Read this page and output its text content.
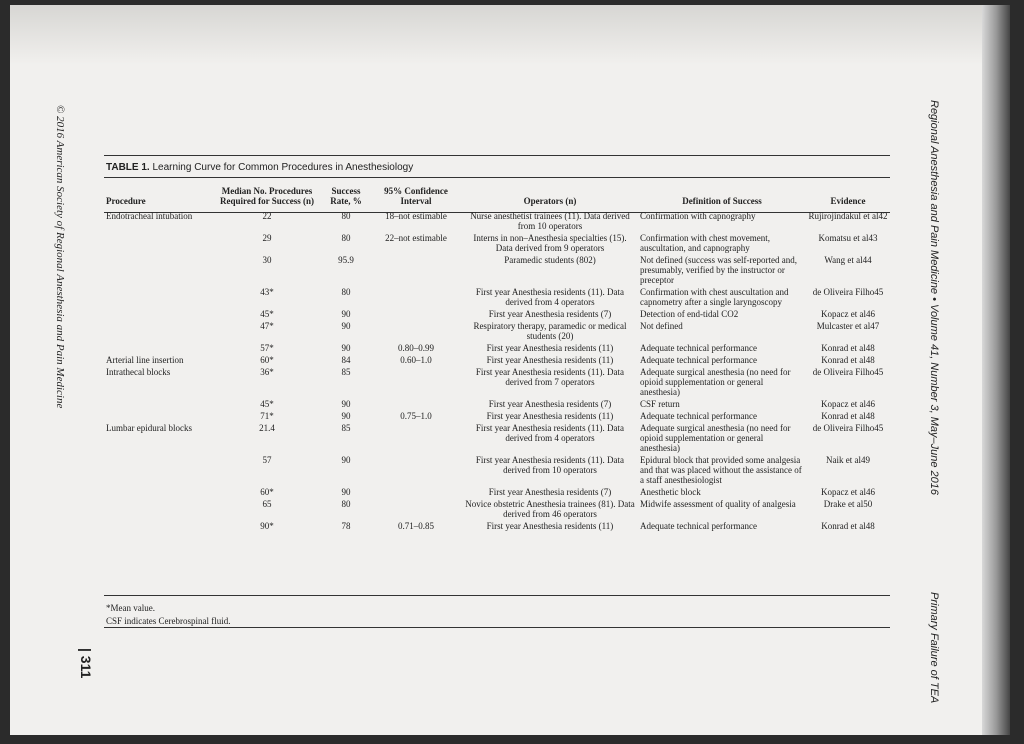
© 2016 American Society of Regional Anesthesia and Pain Medicine
| 311
Regional Anesthesia and Pain Medicine • Volume 41, Number 3, May–June 2016
Primary Failure of TEA
TABLE 1. Learning Curve for Common Procedures in Anesthesiology
Procedure	Median No. Procedures Required for Success (n)	Success Rate, %	95% Confidence Interval	Operators (n)	Definition of Success	Evidence
Endotracheal intubation	22	80	18–not estimable	Nurse anesthetist trainees (11). Data derived from 10 operators	Confirmation with capnography	Rujirojindakul et al42
	29	80	22–not estimable	Interns in non–Anesthesia specialties (15). Data derived from 9 operators	Confirmation with chest movement, auscultation, and capnography	Komatsu et al43
	30	95.9		Paramedic students (802)	Not defined (success was self-reported and, presumably, verified by the instructor or preceptor	Wang et al44
	43*	80		First year Anesthesia residents (11). Data derived from 4 operators	Confirmation with chest auscultation and capnometry after a single laryngoscopy	de Oliveira Filho45
	45*	90		First year Anesthesia residents (7)	Detection of end-tidal CO2	Kopacz et al46
	47*	90		Respiratory therapy, paramedic or medical students (20)	Not defined	Mulcaster et al47
	57*	90	0.80–0.99	First year Anesthesia residents (11)	Adequate technical performance	Konrad et al48
Arterial line insertion	60*	84	0.60–1.0	First year Anesthesia residents (11)	Adequate technical performance	Konrad et al48
Intrathecal blocks	36*	85		First year Anesthesia residents (11). Data derived from 7 operators	Adequate surgical anesthesia (no need for opioid supplementation or general anesthesia)	de Oliveira Filho45
	45*	90		First year Anesthesia residents (7)	CSF return	Kopacz et al46
	71*	90	0.75–1.0	First year Anesthesia residents (11)	Adequate technical performance	Konrad et al48
Lumbar epidural blocks	21.4	85		First year Anesthesia residents (11). Data derived from 4 operators	Adequate surgical anesthesia (no need for opioid supplementation or general anesthesia)	de Oliveira Filho45
	57	90		First year Anesthesia residents (11). Data derived from 10 operators	Epidural block that provided some analgesia and that was placed without the assistance of a staff anesthesiologist	Naik et al49
	60*	90		First year Anesthesia residents (7)	Anesthetic block	Kopacz et al46
	65	80		Novice obstetric Anesthesia trainees (81). Data derived from 46 operators	Midwife assessment of quality of analgesia	Drake et al50
	90*	78	0.71–0.85	First year Anesthesia residents (11)	Adequate technical performance	Konrad et al48
*Mean value.
CSF indicates Cerebrospinal fluid.
